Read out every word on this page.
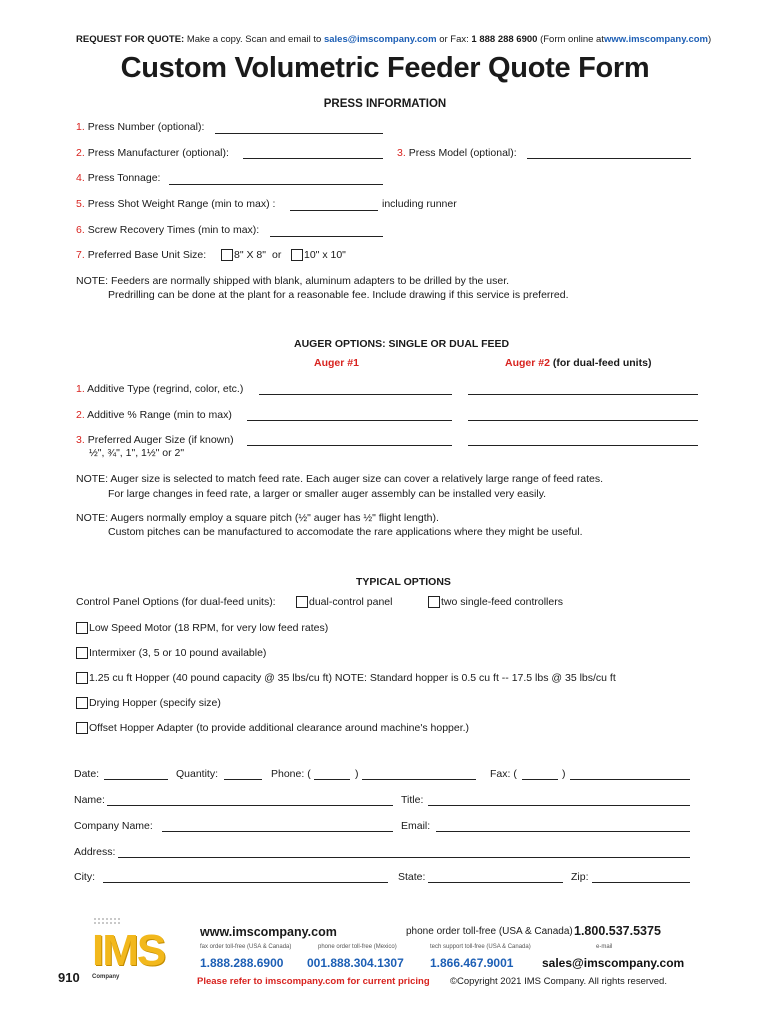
REQUEST FOR QUOTE: Make a copy. Scan and email to sales@imscompany.com or Fax: 1 888 288 6900 (Form online atwww.imscompany.com)
Custom Volumetric Feeder Quote Form
PRESS INFORMATION
1. Press Number (optional):
2. Press Manufacturer (optional):	3. Press Model (optional):
4. Press Tonnage:
5. Press Shot Weight Range (min to max) :	including runner
6. Screw Recovery Times (min to max):
7. Preferred Base Unit Size:	8" X 8" or 10" x 10"
NOTE: Feeders are normally shipped with blank, aluminum adapters to be drilled by the user.
Predrilling can be done at the plant for a reasonable fee. Include drawing if this service is preferred.
AUGER OPTIONS: SINGLE OR DUAL FEED
Auger #1	Auger #2 (for dual-feed units)
1. Additive Type (regrind, color, etc.)
2. Additive % Range (min to max)
3. Preferred Auger Size (if known)
½", ¾", 1", 1½" or 2"
NOTE: Auger size is selected to match feed rate. Each auger size can cover a relatively large range of feed rates.
For large changes in feed rate, a larger or smaller auger assembly can be installed very easily.
NOTE: Augers normally employ a square pitch (½" auger has ½" flight length).
Custom pitches can be manufactured to accomodate the rare applications where they might be useful.
TYPICAL OPTIONS
Control Panel Options (for dual-feed units):	dual-control panel	two single-feed controllers
Low Speed Motor (18 RPM, for very low feed rates)
Intermixer (3, 5 or 10 pound available)
1.25 cu ft Hopper (40 pound capacity @ 35 lbs/cu ft) NOTE: Standard hopper is 0.5 cu ft -- 17.5 lbs @ 35 lbs/cu ft
Drying Hopper (specify size)
Offset Hopper Adapter (to provide additional clearance around machine's hopper.)
Date:	Quantity:	Phone: (	)	Fax: (	)
Name:	Title:
Company Name:	Email:
Address:
City:	State:	Zip:
910
IMS
Company
www.imscompany.com	phone order toll-free (USA & Canada) 1.800.537.5375
fax order toll-free (USA & Canada)	phone order toll-free (Mexico)	tech support toll-free (USA & Canada)	e-mail
1.888.288.6900 001.888.304.1307 1.866.467.9001 sales@imscompany.com
Please refer to imscompany.com for current pricing ©Copyright 2021 IMS Company. All rights reserved.
